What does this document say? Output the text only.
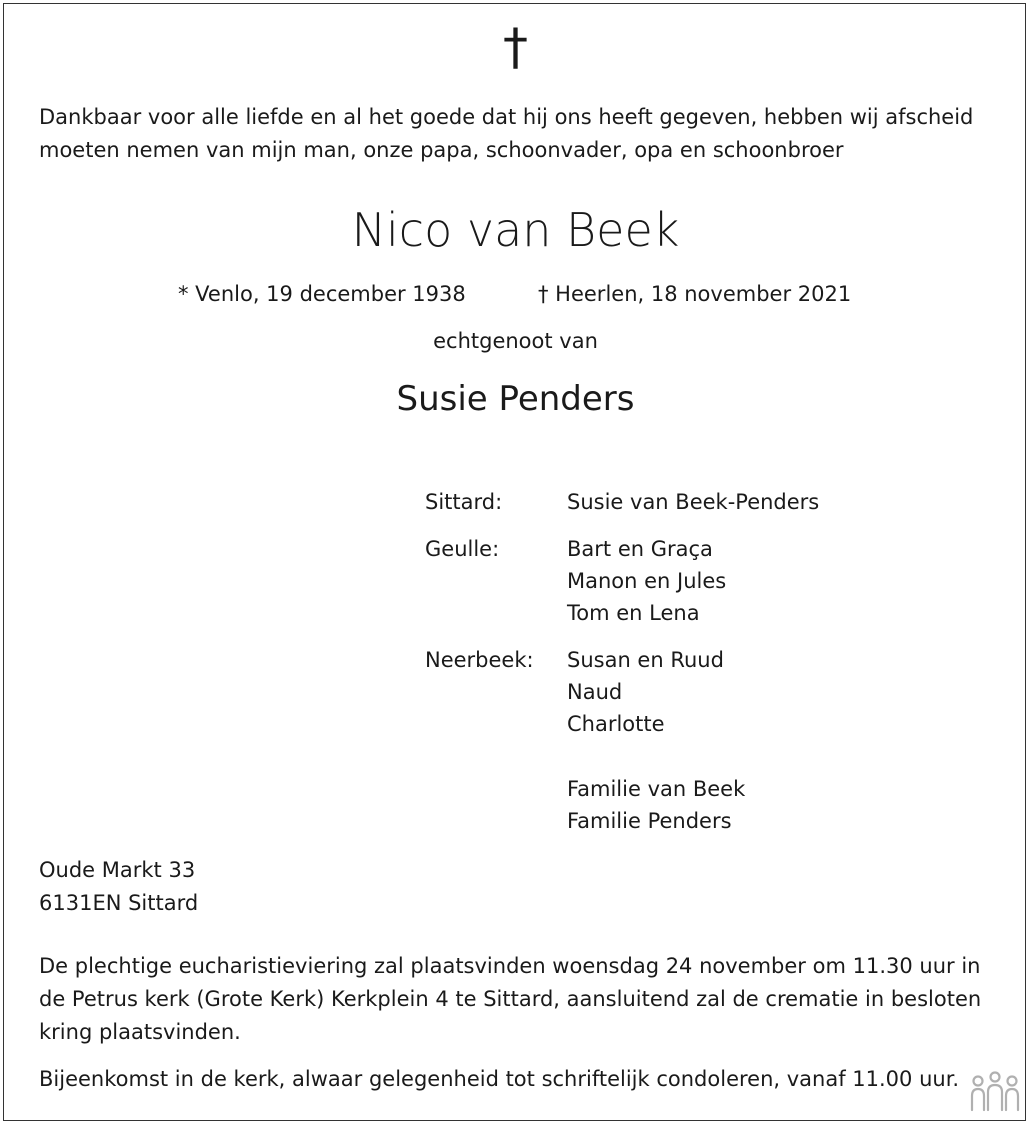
†
Dankbaar voor alle liefde en al het goede dat hij ons heeft gegeven, hebben wij afscheid moeten nemen van mijn man, onze papa, schoonvader, opa en schoonbroer
Nico van Beek
* Venlo, 19 december 1938	† Heerlen, 18 november 2021
echtgenoot van
Susie Penders
Sittard:	Susie van Beek-Penders
Geulle:	Bart en Graça
Manon en Jules
Tom en Lena
Neerbeek: Susan en Ruud
Naud
Charlotte
Familie van Beek
Familie Penders
Oude Markt 33
6131EN Sittard
De plechtige eucharistieviering zal plaatsvinden woensdag 24 november om 11.30 uur in de Petrus kerk (Grote Kerk) Kerkplein 4 te Sittard, aansluitend zal de crematie in besloten kring plaatsvinden.
Bijeenkomst in de kerk, alwaar gelegenheid tot schriftelijk condoleren, vanaf 11.00 uur.
